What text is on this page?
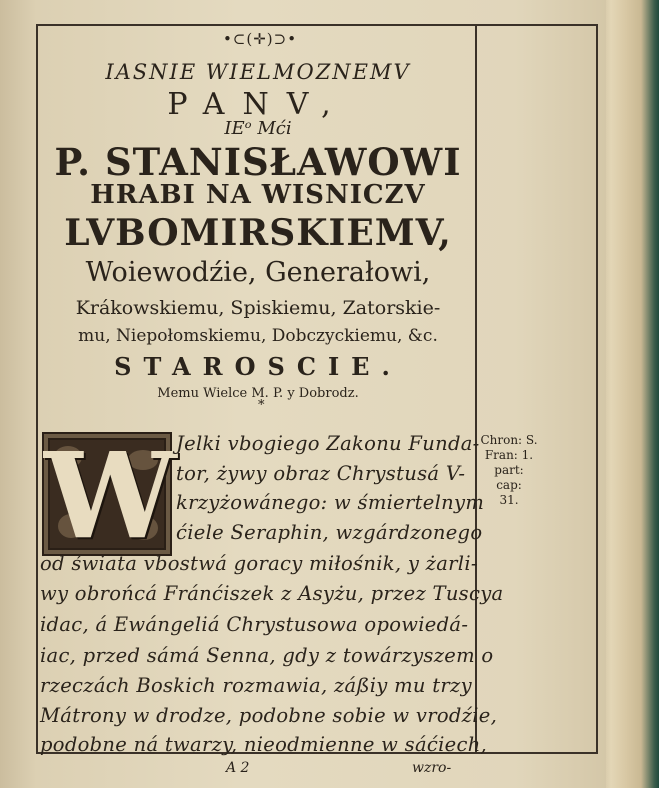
•⊂(✛)⊃•
IASNIE WIELMOZNEMV
PANV,
IEᵒ Mći
P. STANISŁAWOWI
HRABI NA WISNICZV
LVBOMIRSKIEMV,
Woiewodźie, Generałowi,
Krákowskiemu, Spiskiemu, Zatorskie-
mu, Niepołomskiemu, Dobczyckiemu, &c.
STAROSCIE.
Memu Wielce M. P. y Dobrodz.
*
W Jelki vbogiego Zakonu Funda-
tor, żywy obraz Chrystusá V-
krzyżowánego: w śmiertelnym
ćiele Seraphin, wzgárdzonego
od świata vbostwá goracy miłośnik, y żarli-
wy obrońcá Fránćiszek z Asyżu, przez Tuscya
idac, á Ewángeliá Chrystusowa opowiedá-
iac, przed sámá Senna, gdy z towárzyszem o
rzeczách Boskich rozmawia, záßiy mu trzy
Mátrony w drodze, podobne sobie w vrodźie,
podobne ná twarzy, nieodmienne w sáćiech,
Chron: S.
Fran: 1.
part: cap:
31.
A 2	wzro-
